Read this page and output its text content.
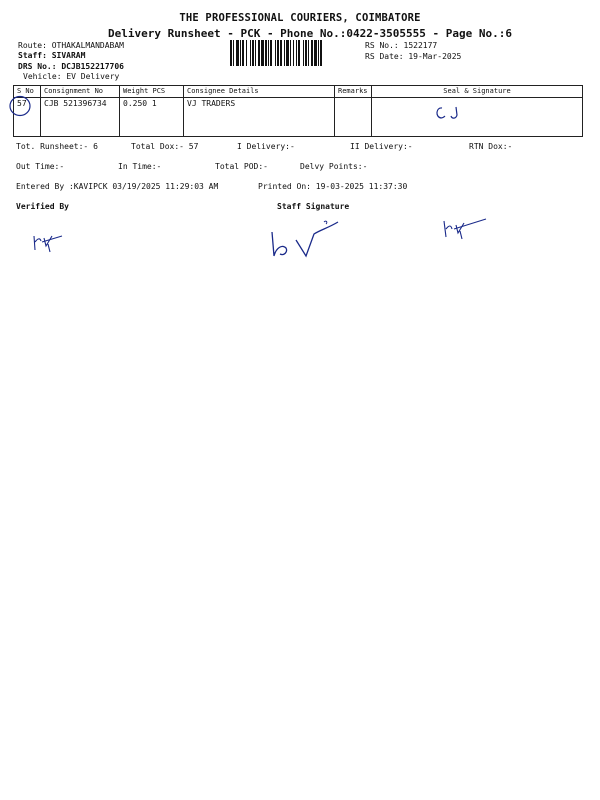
THE PROFESSIONAL COURIERS, COIMBATORE
Delivery Runsheet - PCK - Phone No.:0422-3505555 - Page No.:6
Route: OTHAKALMANDABAM
Staff: SIVARAM
DRS No.: DCJB152217706
Vehicle: EV Delivery
RS No.: 1522177
RS Date: 19-Mar-2025
S No	Consignment No	Weight PCS	Consignee Details	Remarks	Seal & Signature
57	CJB 521396734	0.250 1	VJ TRADERS		
Tot. Runsheet:- 6	Total Dox:- 57	I Delivery:-	II Delivery:-	RTN Dox:-
Out Time:-	In Time:-	Total POD:-	Delvy Points:-
Entered By :KAVIPCK 03/19/2025 11:29:03 AM	Printed On: 19-03-2025 11:37:30
Verified By	Staff Signature
